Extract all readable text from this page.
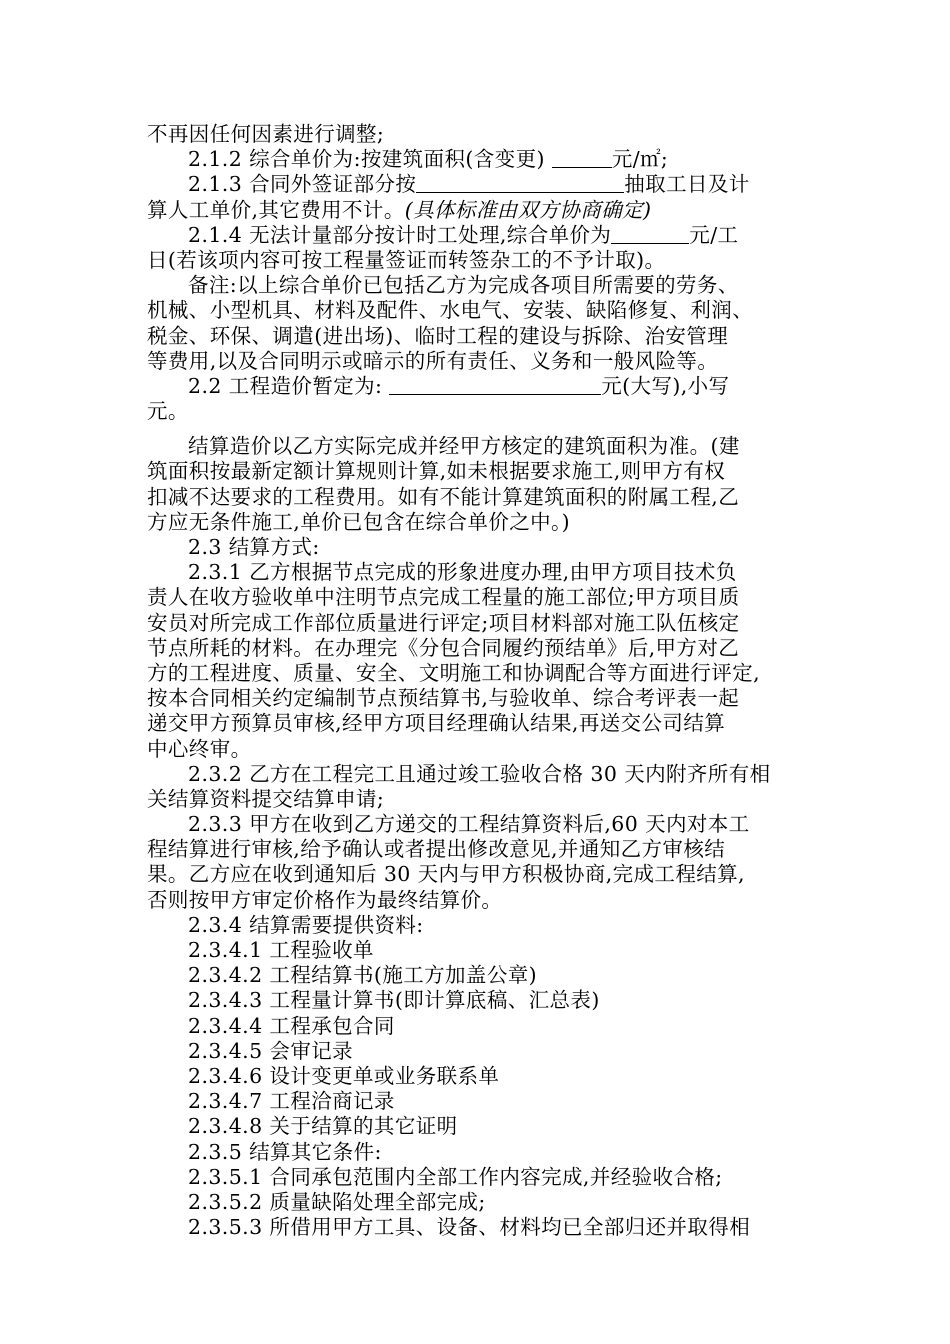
不再因任何因素进行调整;
2.1.2 综合单价为:按建筑面积(含变更)	元/㎡;
2.1.3 合同外签证部分按	抽取工日及计
算人工单价,其它费用不计。(具体标准由双方协商确定)
2.1.4 无法计量部分按计时工处理,综合单价为	元/工
日(若该项内容可按工程量签证而转签杂工的不予计取)。
备注:以上综合单价已包括乙方为完成各项目所需要的劳务、
机械、小型机具、材料及配件、水电气、安装、缺陷修复、利润、
税金、环保、调遣(进出场)、临时工程的建设与拆除、治安管理
等费用,以及合同明示或暗示的所有责任、义务和一般风险等。
2.2 工程造价暂定为:	元(大写),小写
元。
结算造价以乙方实际完成并经甲方核定的建筑面积为准。(建
筑面积按最新定额计算规则计算,如未根据要求施工,则甲方有权
扣减不达要求的工程费用。如有不能计算建筑面积的附属工程,乙
方应无条件施工,单价已包含在综合单价之中。)
2.3 结算方式:
2.3.1 乙方根据节点完成的形象进度办理,由甲方项目技术负
责人在收方验收单中注明节点完成工程量的施工部位;甲方项目质
安员对所完成工作部位质量进行评定;项目材料部对施工队伍核定
节点所耗的材料。在办理完《分包合同履约预结单》后,甲方对乙
方的工程进度、质量、安全、文明施工和协调配合等方面进行评定,
按本合同相关约定编制节点预结算书,与验收单、综合考评表一起
递交甲方预算员审核,经甲方项目经理确认结果,再送交公司结算
中心终审。
2.3.2 乙方在工程完工且通过竣工验收合格 30 天内附齐所有相
关结算资料提交结算申请;
2.3.3 甲方在收到乙方递交的工程结算资料后,60 天内对本工
程结算进行审核,给予确认或者提出修改意见,并通知乙方审核结
果。乙方应在收到通知后 30 天内与甲方积极协商,完成工程结算,
否则按甲方审定价格作为最终结算价。
2.3.4 结算需要提供资料:
2.3.4.1 工程验收单
2.3.4.2 工程结算书(施工方加盖公章)
2.3.4.3 工程量计算书(即计算底稿、汇总表)
2.3.4.4 工程承包合同
2.3.4.5 会审记录
2.3.4.6 设计变更单或业务联系单
2.3.4.7 工程洽商记录
2.3.4.8 关于结算的其它证明
2.3.5 结算其它条件:
2.3.5.1 合同承包范围内全部工作内容完成,并经验收合格;
2.3.5.2 质量缺陷处理全部完成;
2.3.5.3 所借用甲方工具、设备、材料均已全部归还并取得相
